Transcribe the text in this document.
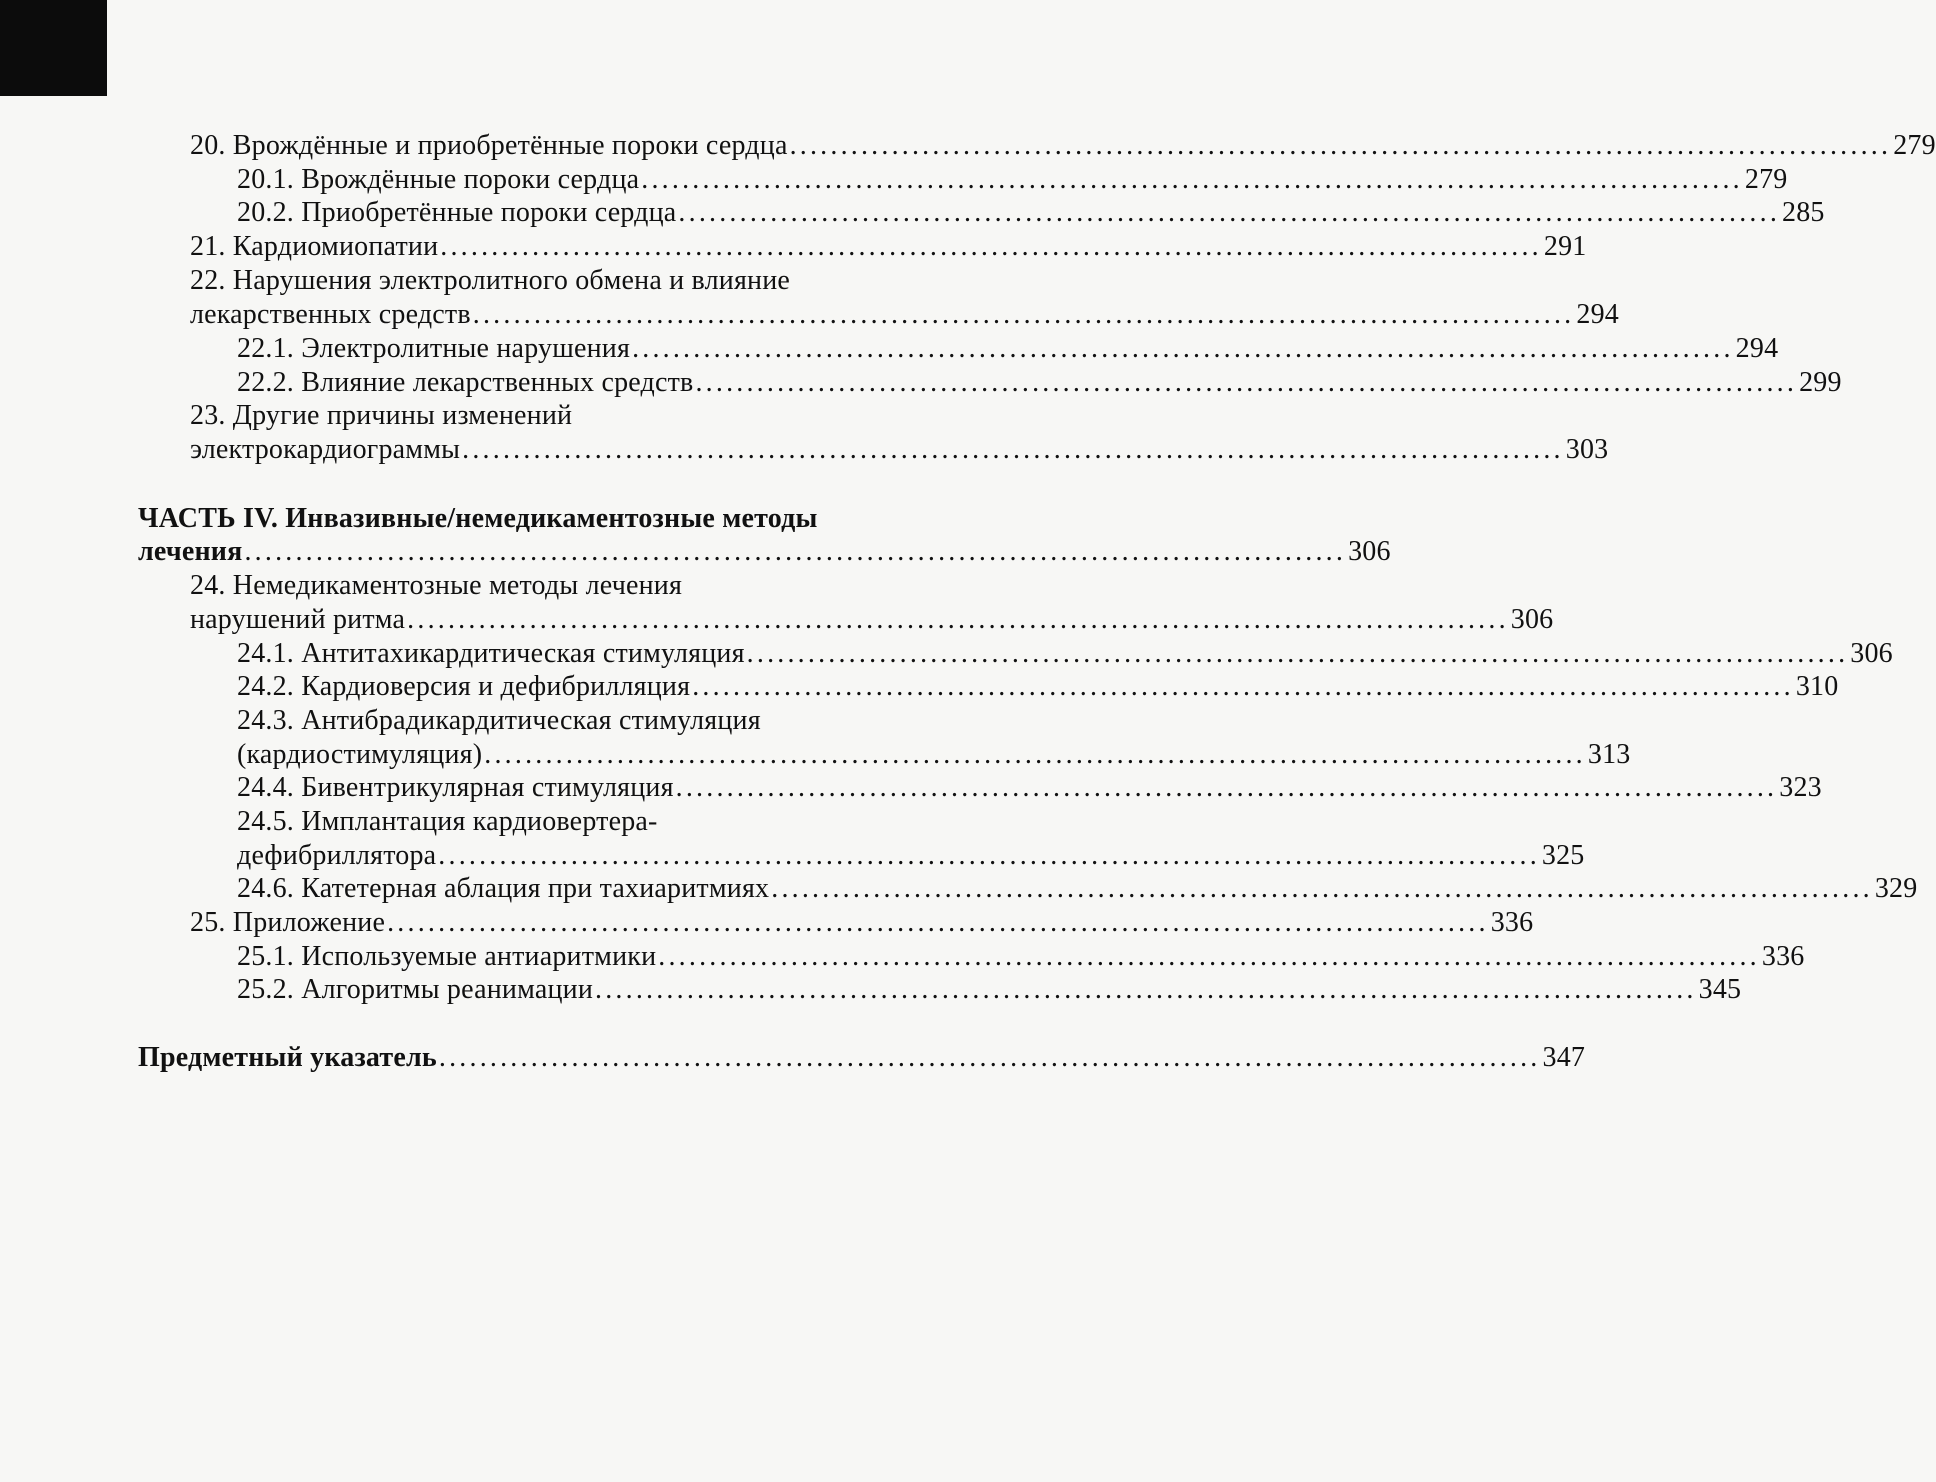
20. Врождённые и приобретённые пороки сердца ............................................................................................................ 279
20.1. Врождённые пороки сердца ............................................................................................................ 279
20.2. Приобретённые пороки сердца ............................................................................................................ 285
21. Кардиомиопатии ............................................................................................................ 291
22. Нарушения электролитного обмена и влияние
лекарственных средств ............................................................................................................ 294
22.1. Электролитные нарушения ............................................................................................................ 294
22.2. Влияние лекарственных средств ............................................................................................................ 299
23. Другие причины изменений
электрокардиограммы ............................................................................................................ 303
ЧАСТЬ IV. Инвазивные/немедикаментозные методы
лечения ............................................................................................................ 306
24. Немедикаментозные методы лечения
нарушений ритма ............................................................................................................ 306
24.1. Антитахикардитическая стимуляция ............................................................................................................ 306
24.2. Кардиоверсия и дефибрилляция ............................................................................................................ 310
24.3. Антибрадикардитическая стимуляция
(кардиостимуляция) ............................................................................................................ 313
24.4. Бивентрикулярная стимуляция ............................................................................................................ 323
24.5. Имплантация кардиовертера-
дефибриллятора ............................................................................................................ 325
24.6. Катетерная аблация при тахиаритмиях ............................................................................................................ 329
25. Приложение ............................................................................................................ 336
25.1. Используемые антиаритмики ............................................................................................................ 336
25.2. Алгоритмы реанимации ............................................................................................................ 345
Предметный указатель ............................................................................................................ 347
